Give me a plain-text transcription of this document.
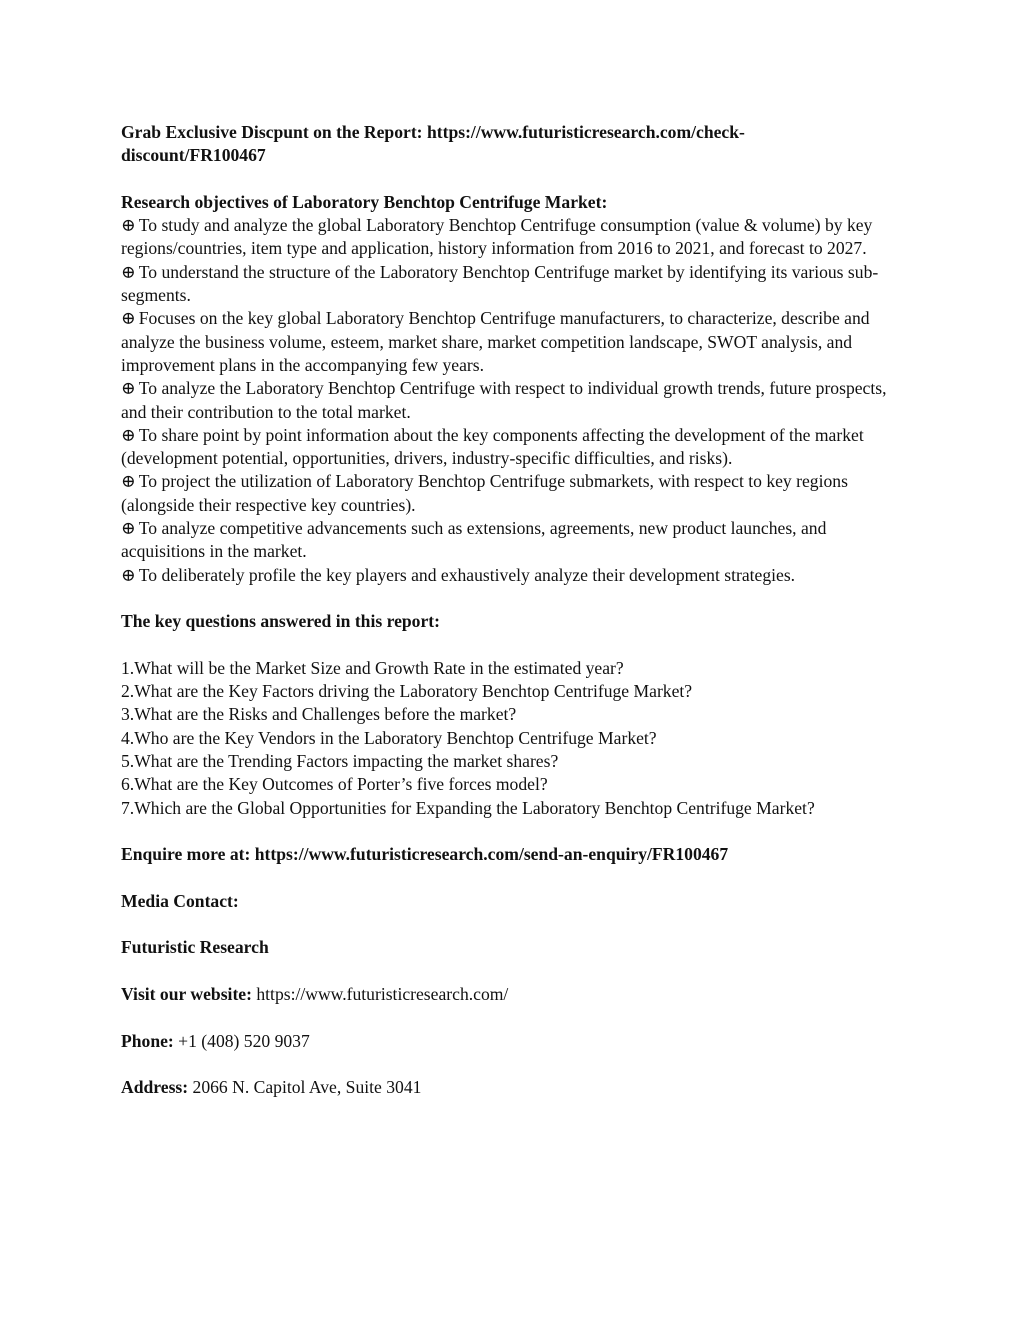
Grab Exclusive Discpunt on the Report: https://www.futuristicresearch.com/check-
discount/FR100467

Research objectives of Laboratory Benchtop Centrifuge Market:

⊕ To study and analyze the global Laboratory Benchtop Centrifuge consumption (value & volume) by key regions/countries, item type and application, history information from 2016 to 2021, and forecast to 2027.

⊕ To understand the structure of the Laboratory Benchtop Centrifuge market by identifying its various sub-segments.

⊕ Focuses on the key global Laboratory Benchtop Centrifuge manufacturers, to characterize, describe and analyze the business volume, esteem, market share, market competition landscape, SWOT analysis, and improvement plans in the accompanying few years.

⊕ To analyze the Laboratory Benchtop Centrifuge with respect to individual growth trends, future prospects, and their contribution to the total market.

⊕ To share point by point information about the key components affecting the development of the market (development potential, opportunities, drivers, industry-specific difficulties, and risks).

⊕ To project the utilization of Laboratory Benchtop Centrifuge submarkets, with respect to key regions (alongside their respective key countries).

⊕ To analyze competitive advancements such as extensions, agreements, new product launches, and acquisitions in the market.

⊕ To deliberately profile the key players and exhaustively analyze their development strategies.

The key questions answered in this report:

1.What will be the Market Size and Growth Rate in the estimated year?

2.What are the Key Factors driving the Laboratory Benchtop Centrifuge Market?

3.What are the Risks and Challenges before the market?

4.Who are the Key Vendors in the Laboratory Benchtop Centrifuge Market?

5.What are the Trending Factors impacting the market shares?

6.What are the Key Outcomes of Porter’s five forces model?

7.Which are the Global Opportunities for Expanding the Laboratory Benchtop Centrifuge Market?

Enquire more at: https://www.futuristicresearch.com/send-an-enquiry/FR100467

Media Contact:

Futuristic Research

Visit our website: https://www.futuristicresearch.com/

Phone: +1 (408) 520 9037

Address: 2066 N. Capitol Ave, Suite 3041
